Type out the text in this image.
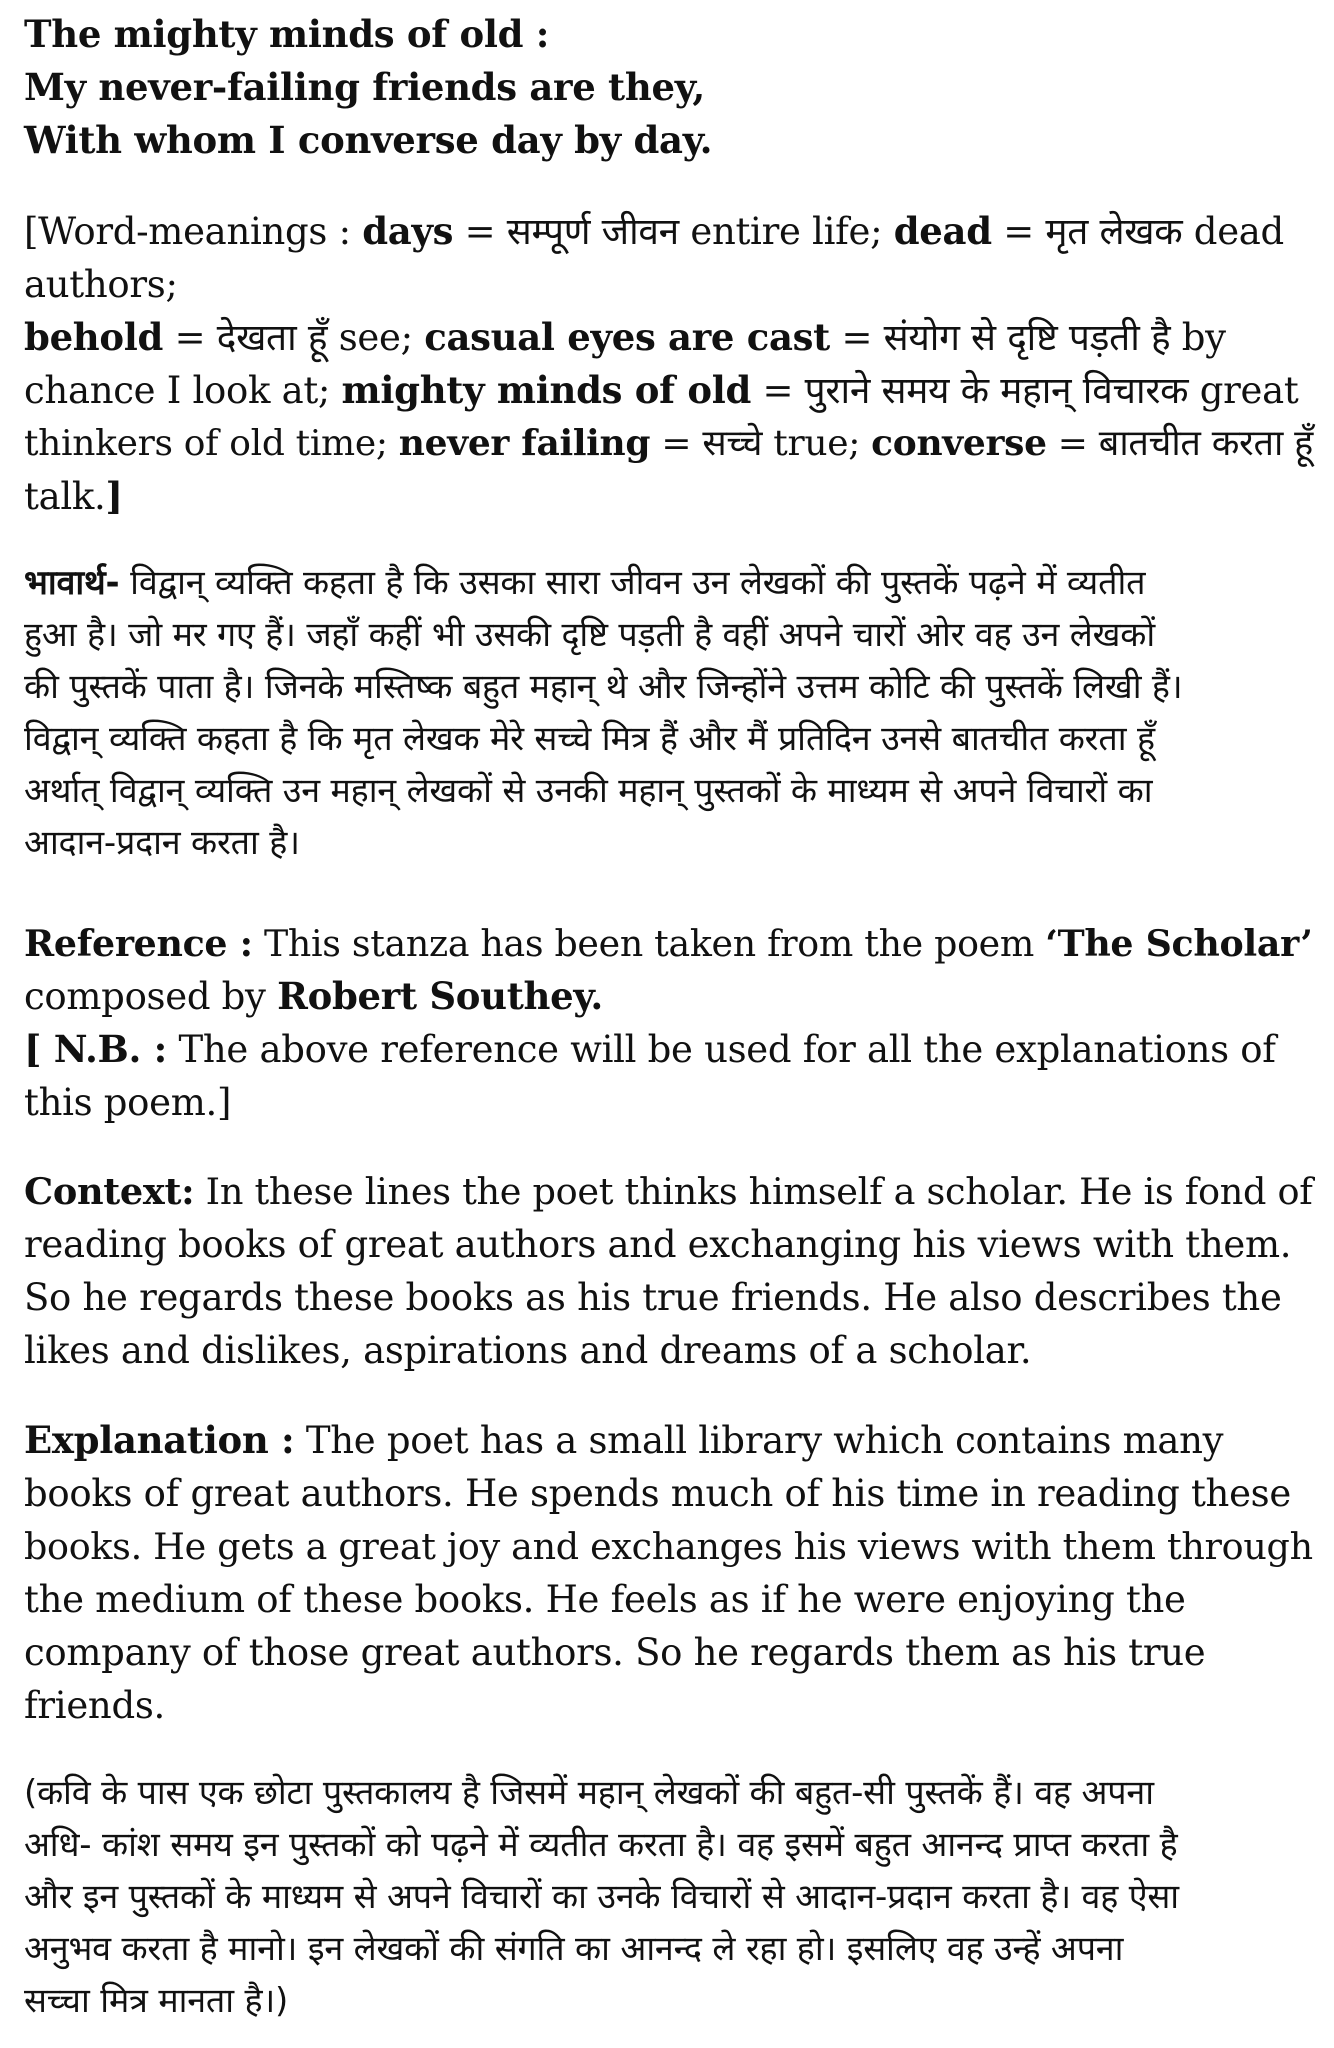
The mighty minds of old :
My never-failing friends are they,
With whom I converse day by day.
[Word-meanings : days = सम्पूर्ण जीवन entire life; dead = मृत लेखक dead
authors;
behold = देखता हूँ see; casual eyes are cast = संयोग से दृष्टि पड़ती है by
chance I look at; mighty minds of old = पुराने समय के महान् विचारक great
thinkers of old time; never failing = सच्चे true; converse = बातचीत करता हूँ
talk.]
भावार्थ- विद्वान् व्यक्ति कहता है कि उसका सारा जीवन उन लेखकों की पुस्तकें पढ़ने में व्यतीत
हुआ है। जो मर गए हैं। जहाँ कहीं भी उसकी दृष्टि पड़ती है वहीं अपने चारों ओर वह उन लेखकों
की पुस्तकें पाता है। जिनके मस्तिष्क बहुत महान् थे और जिन्होंने उत्तम कोटि की पुस्तकें लिखी हैं।
विद्वान् व्यक्ति कहता है कि मृत लेखक मेरे सच्चे मित्र हैं और मैं प्रतिदिन उनसे बातचीत करता हूँ
अर्थात् विद्वान् व्यक्ति उन महान् लेखकों से उनकी महान् पुस्तकों के माध्यम से अपने विचारों का
आदान-प्रदान करता है।
Reference : This stanza has been taken from the poem ‘The Scholar’
composed by Robert Southey.
[ N.B. : The above reference will be used for all the explanations of
this poem.]
Context: In these lines the poet thinks himself a scholar. He is fond of
reading books of great authors and exchanging his views with them.
So he regards these books as his true friends. He also describes the
likes and dislikes, aspirations and dreams of a scholar.
Explanation : The poet has a small library which contains many
books of great authors. He spends much of his time in reading these
books. He gets a great joy and exchanges his views with them through
the medium of these books. He feels as if he were enjoying the
company of those great authors. So he regards them as his true
friends.
(कवि के पास एक छोटा पुस्तकालय है जिसमें महान् लेखकों की बहुत-सी पुस्तकें हैं। वह अपना
अधि- कांश समय इन पुस्तकों को पढ़ने में व्यतीत करता है। वह इसमें बहुत आनन्द प्राप्त करता है
और इन पुस्तकों के माध्यम से अपने विचारों का उनके विचारों से आदान-प्रदान करता है। वह ऐसा
अनुभव करता है मानो। इन लेखकों की संगति का आनन्द ले रहा हो। इसलिए वह उन्हें अपना
सच्चा मित्र मानता है।)
